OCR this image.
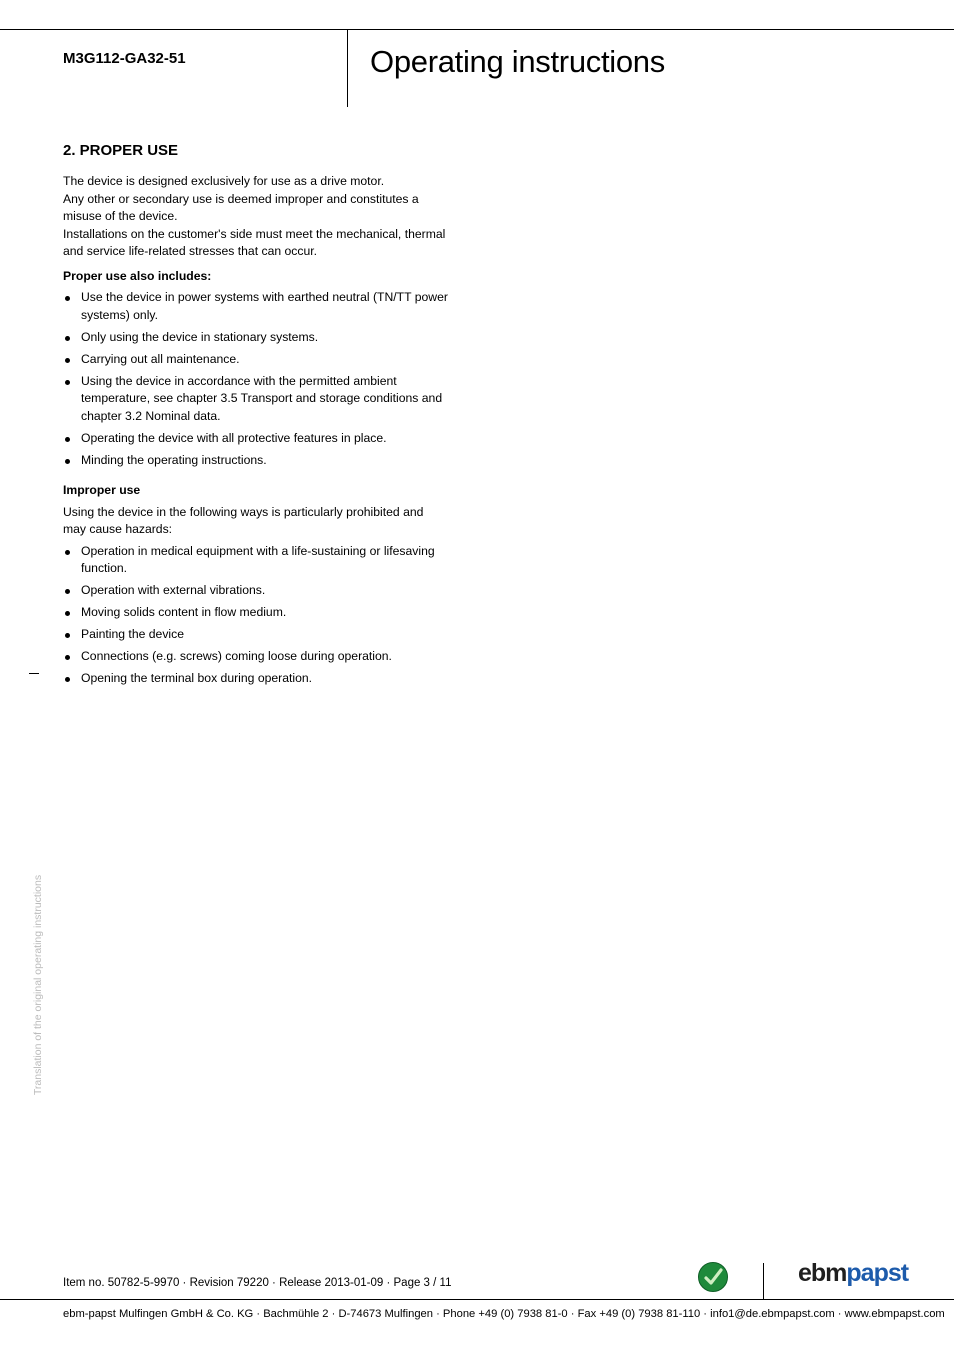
M3G112-GA32-51	Operating instructions
2. PROPER USE

The device is designed exclusively for use as a drive motor.

Any other or secondary use is deemed improper and constitutes a misuse of the device.

Installations on the customer's side must meet the mechanical, thermal and service life-related stresses that can occur.

Proper use also includes:
Use the device in power systems with earthed neutral (TN/TT power systems) only.
Only using the device in stationary systems.
Carrying out all maintenance.
Using the device in accordance with the permitted ambient temperature, see chapter 3.5 Transport and storage conditions and chapter 3.2 Nominal data.
Operating the device with all protective features in place.
Minding the operating instructions.
Improper use

Using the device in the following ways is particularly prohibited and may cause hazards:

Operation in medical equipment with a life-sustaining or lifesaving function.
Operation with external vibrations.
Moving solids content in flow medium.
Painting the device
Connections (e.g. screws) coming loose during operation.
Opening the terminal box during operation.
Translation of the original operating instructions
Item no. 50782-5-9970 · Revision 79220 · Release 2013-01-09 · Page 3 / 11	ebmpapst
ebm-papst Mulfingen GmbH & Co. KG · Bachmühle 2 · D-74673 Mulfingen · Phone +49 (0) 7938 81-0 · Fax +49 (0) 7938 81-110 · info1@de.ebmpapst.com · www.ebmpapst.com
